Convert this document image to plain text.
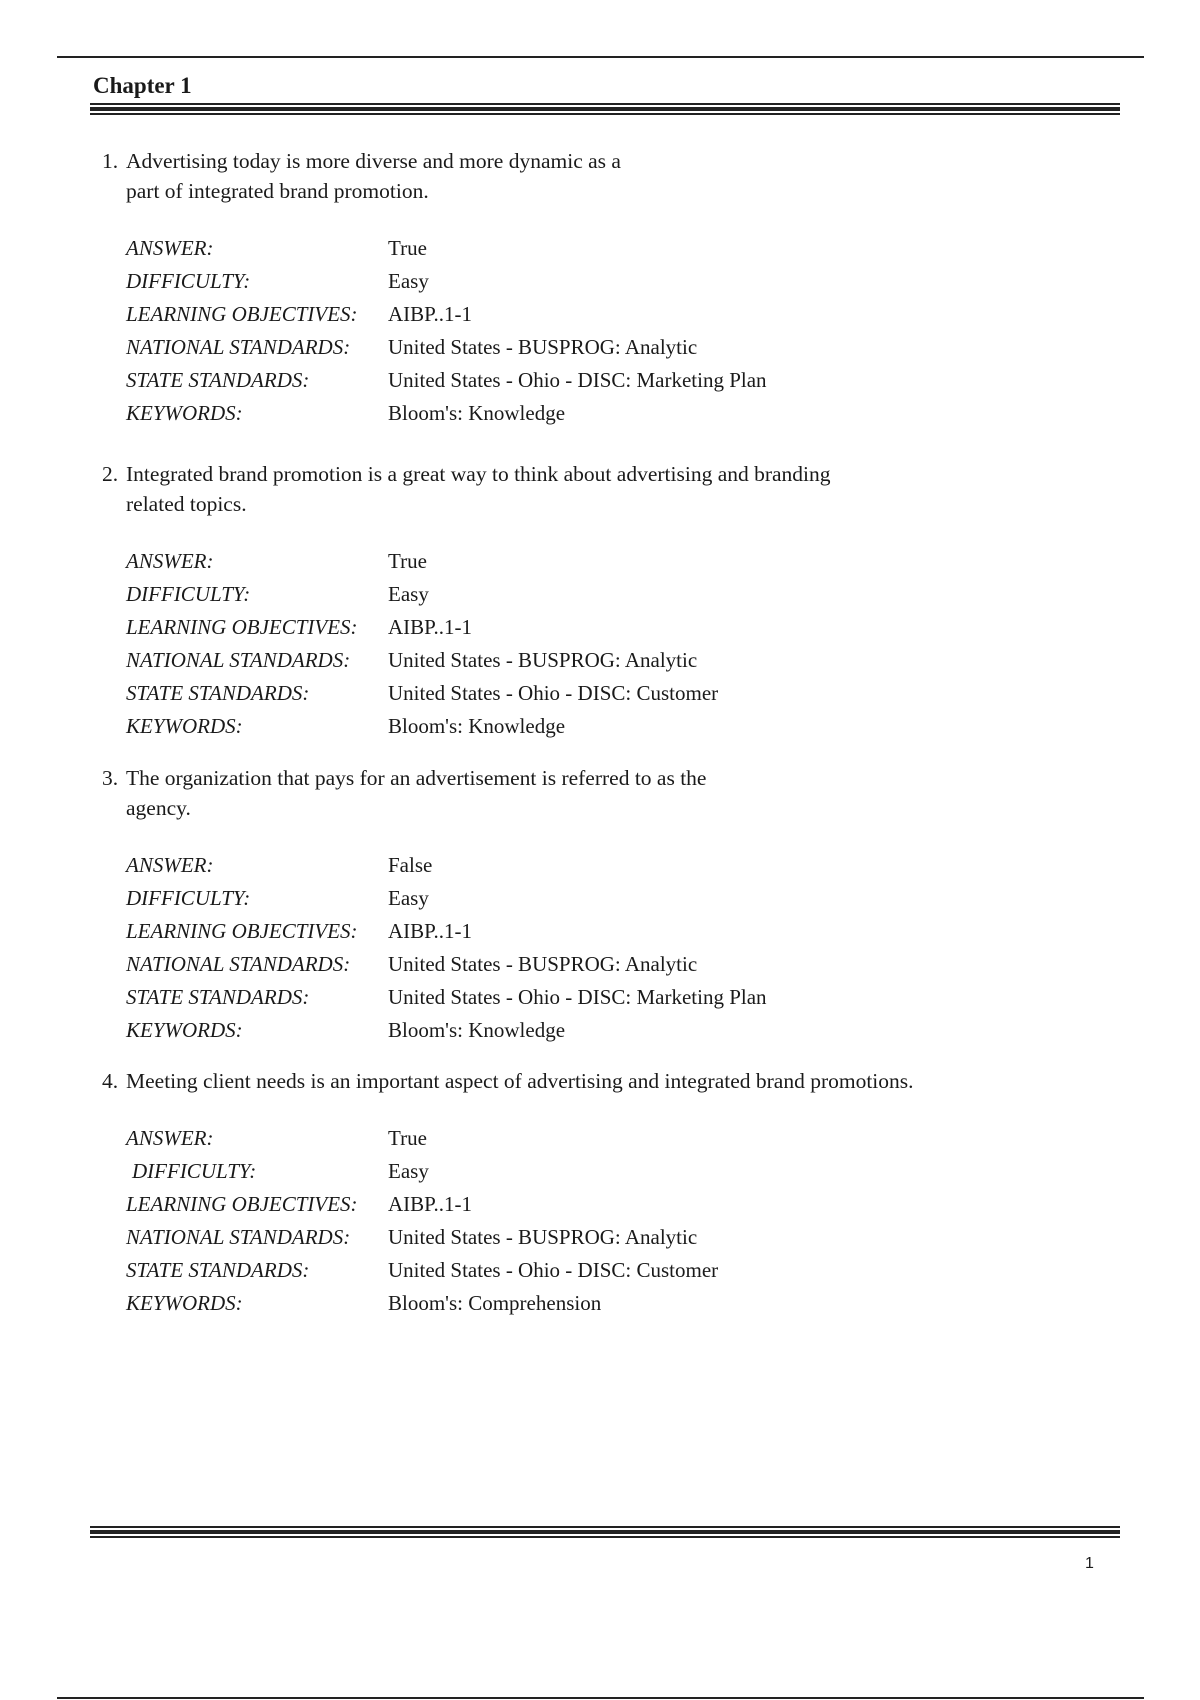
Chapter 1

1. Advertising today is more diverse and more dynamic as a
part of integrated brand promotion.

ANSWER:	True
DIFFICULTY:	Easy
LEARNING OBJECTIVES:	AIBP..1-1
NATIONAL STANDARDS:	United States - BUSPROG: Analytic
STATE STANDARDS:	United States - Ohio - DISC: Marketing Plan
KEYWORDS:	Bloom's: Knowledge

2. Integrated brand promotion is a great way to think about advertising and branding
related topics.

ANSWER:	True
DIFFICULTY:	Easy
LEARNING OBJECTIVES:	AIBP..1-1
NATIONAL STANDARDS:	United States - BUSPROG: Analytic
STATE STANDARDS:	United States - Ohio - DISC: Customer
KEYWORDS:	Bloom's: Knowledge

3. The organization that pays for an advertisement is referred to as the
agency.

ANSWER:	False
DIFFICULTY:	Easy
LEARNING OBJECTIVES:	AIBP..1-1
NATIONAL STANDARDS:	United States - BUSPROG: Analytic
STATE STANDARDS:	United States - Ohio - DISC: Marketing Plan
KEYWORDS:	Bloom's: Knowledge

4. Meeting client needs is an important aspect of advertising and integrated brand promotions.

ANSWER:	True
DIFFICULTY:	Easy
LEARNING OBJECTIVES:	AIBP..1-1
NATIONAL STANDARDS:	United States - BUSPROG: Analytic
STATE STANDARDS:	United States - Ohio - DISC: Customer
KEYWORDS:	Bloom's: Comprehension
1
